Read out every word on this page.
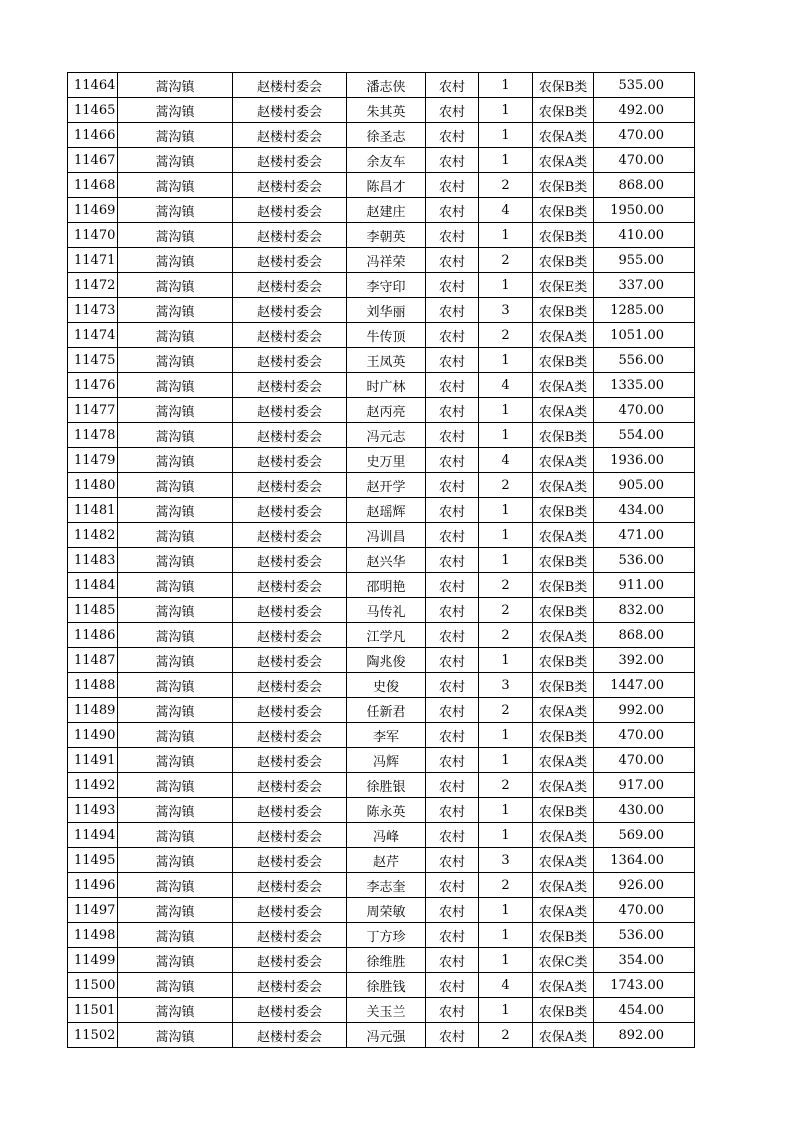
11464	蒿沟镇	赵楼村委会	潘志侠	农村	1	农保B类	535.00
11465	蒿沟镇	赵楼村委会	朱其英	农村	1	农保B类	492.00
11466	蒿沟镇	赵楼村委会	徐圣志	农村	1	农保A类	470.00
11467	蒿沟镇	赵楼村委会	余友车	农村	1	农保A类	470.00
11468	蒿沟镇	赵楼村委会	陈昌才	农村	2	农保B类	868.00
11469	蒿沟镇	赵楼村委会	赵建庄	农村	4	农保B类	1950.00
11470	蒿沟镇	赵楼村委会	李朝英	农村	1	农保B类	410.00
11471	蒿沟镇	赵楼村委会	冯祥荣	农村	2	农保B类	955.00
11472	蒿沟镇	赵楼村委会	李守印	农村	1	农保E类	337.00
11473	蒿沟镇	赵楼村委会	刘华丽	农村	3	农保B类	1285.00
11474	蒿沟镇	赵楼村委会	牛传顶	农村	2	农保A类	1051.00
11475	蒿沟镇	赵楼村委会	王凤英	农村	1	农保B类	556.00
11476	蒿沟镇	赵楼村委会	时广林	农村	4	农保A类	1335.00
11477	蒿沟镇	赵楼村委会	赵丙亮	农村	1	农保A类	470.00
11478	蒿沟镇	赵楼村委会	冯元志	农村	1	农保B类	554.00
11479	蒿沟镇	赵楼村委会	史万里	农村	4	农保A类	1936.00
11480	蒿沟镇	赵楼村委会	赵开学	农村	2	农保A类	905.00
11481	蒿沟镇	赵楼村委会	赵瑶辉	农村	1	农保B类	434.00
11482	蒿沟镇	赵楼村委会	冯训昌	农村	1	农保A类	471.00
11483	蒿沟镇	赵楼村委会	赵兴华	农村	1	农保B类	536.00
11484	蒿沟镇	赵楼村委会	邵明艳	农村	2	农保B类	911.00
11485	蒿沟镇	赵楼村委会	马传礼	农村	2	农保B类	832.00
11486	蒿沟镇	赵楼村委会	江学凡	农村	2	农保A类	868.00
11487	蒿沟镇	赵楼村委会	陶兆俊	农村	1	农保B类	392.00
11488	蒿沟镇	赵楼村委会	史俊	农村	3	农保B类	1447.00
11489	蒿沟镇	赵楼村委会	任新君	农村	2	农保A类	992.00
11490	蒿沟镇	赵楼村委会	李军	农村	1	农保B类	470.00
11491	蒿沟镇	赵楼村委会	冯辉	农村	1	农保A类	470.00
11492	蒿沟镇	赵楼村委会	徐胜银	农村	2	农保A类	917.00
11493	蒿沟镇	赵楼村委会	陈永英	农村	1	农保B类	430.00
11494	蒿沟镇	赵楼村委会	冯峰	农村	1	农保A类	569.00
11495	蒿沟镇	赵楼村委会	赵芹	农村	3	农保A类	1364.00
11496	蒿沟镇	赵楼村委会	李志奎	农村	2	农保A类	926.00
11497	蒿沟镇	赵楼村委会	周荣敏	农村	1	农保A类	470.00
11498	蒿沟镇	赵楼村委会	丁方珍	农村	1	农保B类	536.00
11499	蒿沟镇	赵楼村委会	徐维胜	农村	1	农保C类	354.00
11500	蒿沟镇	赵楼村委会	徐胜钱	农村	4	农保A类	1743.00
11501	蒿沟镇	赵楼村委会	关玉兰	农村	1	农保B类	454.00
11502	蒿沟镇	赵楼村委会	冯元强	农村	2	农保A类	892.00
